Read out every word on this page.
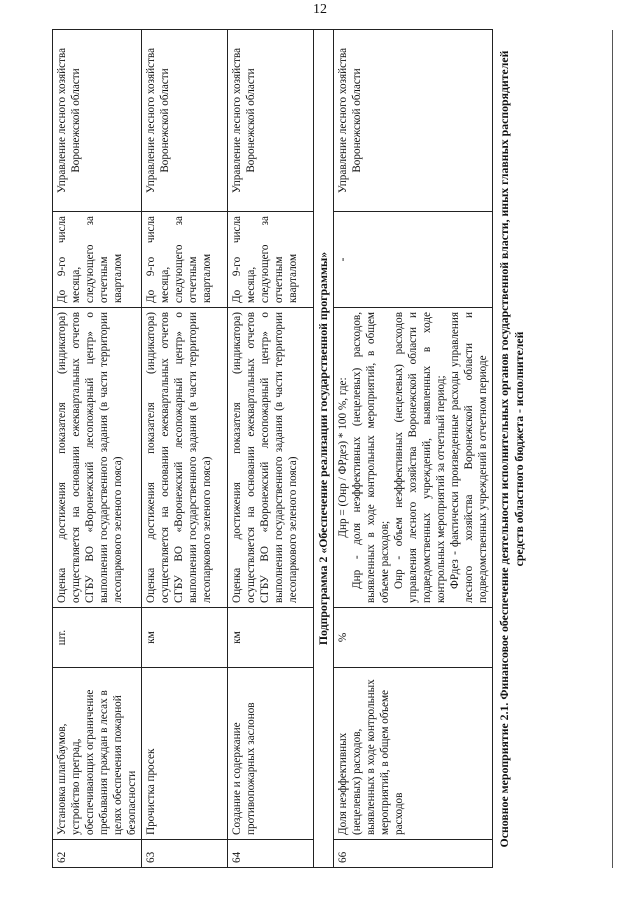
12
62	Установка шлагбаумов, устройство преград, обеспечивающих ограничение пребывания граждан в лесах в целях обеспечения пожарной безопасности	шт.	Оценка достижения показателя (индикатора) осуществляется на основании ежеквартальных отчетов СГБУ ВО «Воронежский лесопожарный центр» о выполнении государственного задания (в части территории лесопаркового зеленого пояса)	До 9-го числа месяца, следующего за отчетным кварталом	Управление лесного хозяйства Воронежской области
63	Прочистка просек	км	Оценка достижения показателя (индикатора) осуществляется на основании ежеквартальных отчетов СГБУ ВО «Воронежский лесопожарный центр» о выполнении государственного задания (в части территории лесопаркового зеленого пояса)	До 9-го числа месяца, следующего за отчетным кварталом	Управление лесного хозяйства Воронежской области
64	Создание и содержание противопожарных заслонов	км	Оценка достижения показателя (индикатора) осуществляется на основании ежеквартальных отчетов СГБУ ВО «Воронежский лесопожарный центр» о выполнении государственного задания (в части территории лесопаркового зеленого пояса)	До 9-го числа месяца, следующего за отчетным кварталом	Управление лесного хозяйства Воронежской области
Подпрограмма 2 «Обеспечение реализации государственной программы»					
66	Доля неэффективных (нецелевых) расходов, выявленных в ходе контрольных мероприятий, в общем объеме расходов	%	Днр = (Онр / ФРдез) * 100 %, где: Днр - доля неэффективных (нецелевых) расходов, выявленных в ходе контрольных мероприятий, в общем объеме расходов; Онр - объем неэффективных (нецелевых) расходов управления лесного хозяйства Воронежской области и подведомственных учреждений, выявленных в ходе контрольных мероприятий за отчетный период; ФРдез - фактически произведенные расходы управления лесного хозяйства Воронежской области и подведомственных учреждений в отчетном периоде	-	Управление лесного хозяйства Воронежской области	Основное мероприятие 2.1. Финансовое обеспечение деятельности исполнительных органов государственной власти, иных главных распорядителей средств областного бюджета - исполнителей
